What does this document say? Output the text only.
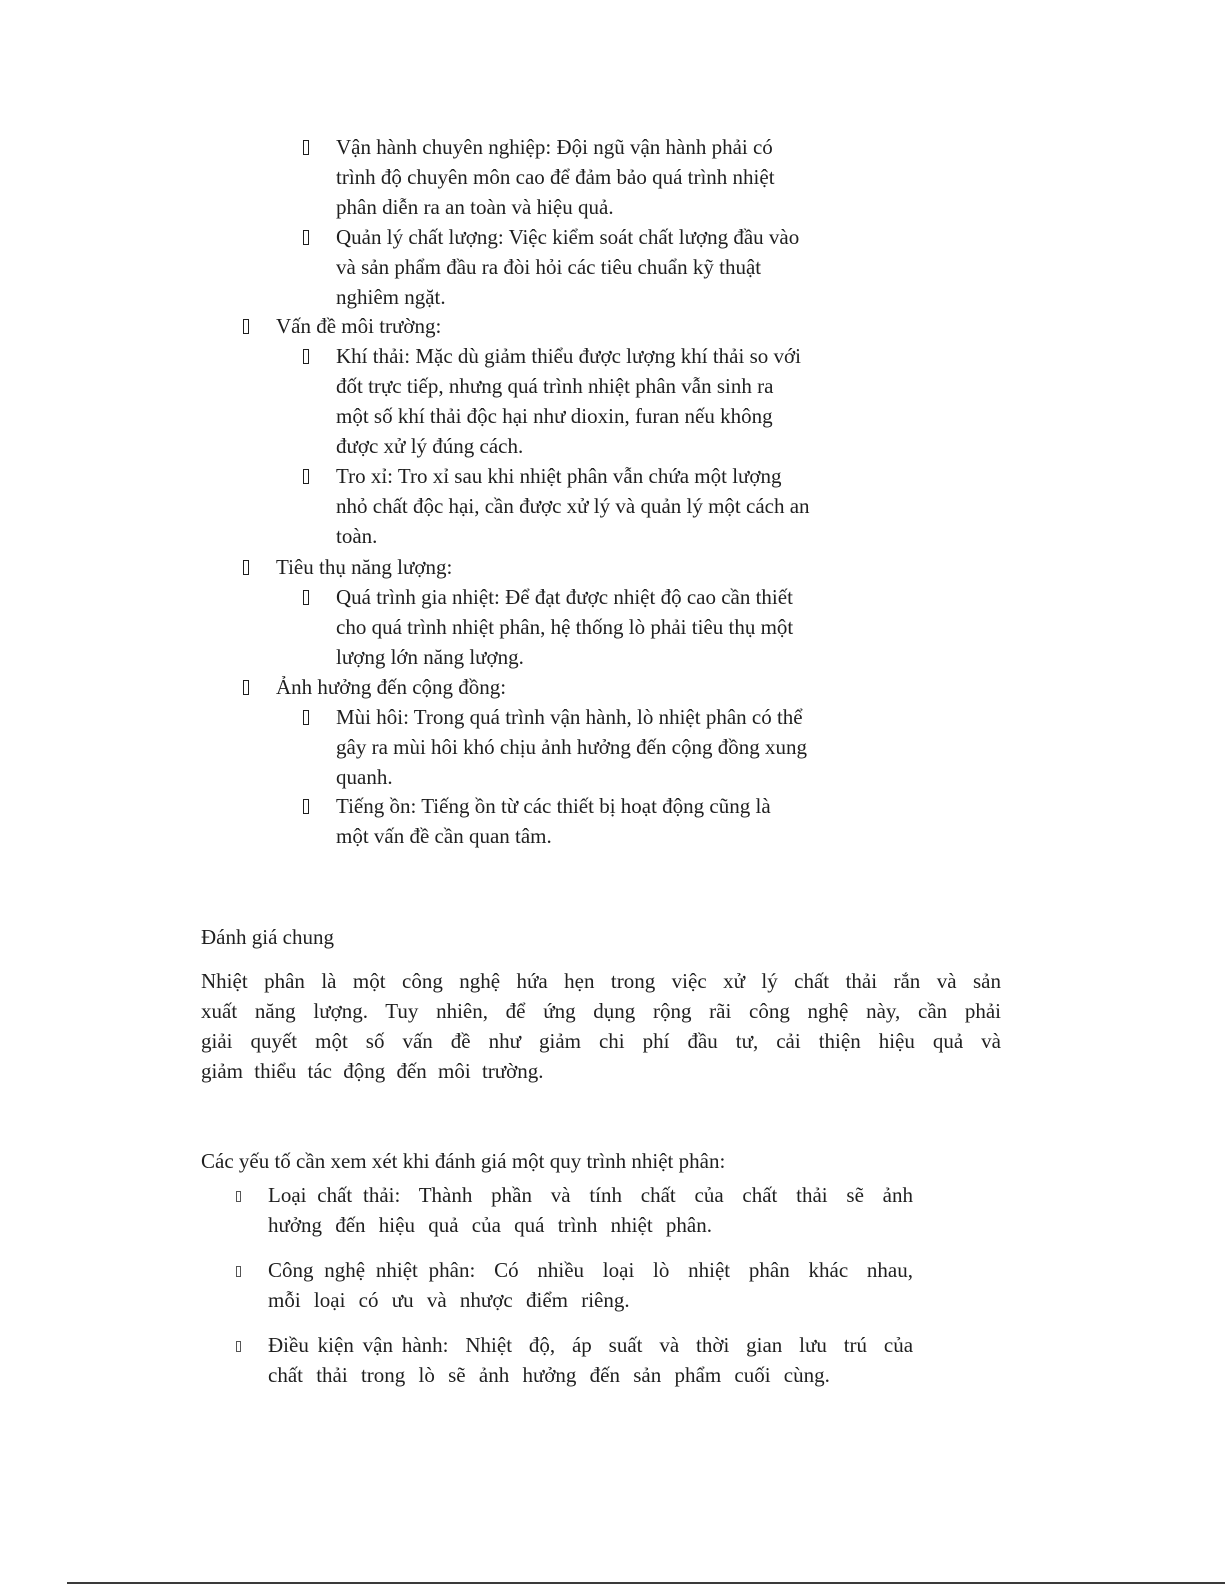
Vận hành chuyên nghiệp: Đội ngũ vận hành phải có
trình độ chuyên môn cao để đảm bảo quá trình nhiệt
phân diễn ra an toàn và hiệu quả.
Quản lý chất lượng: Việc kiểm soát chất lượng đầu vào
và sản phẩm đầu ra đòi hỏi các tiêu chuẩn kỹ thuật
nghiêm ngặt.
Vấn đề môi trường:
Khí thải: Mặc dù giảm thiểu được lượng khí thải so với
đốt trực tiếp, nhưng quá trình nhiệt phân vẫn sinh ra
một số khí thải độc hại như dioxin, furan nếu không
được xử lý đúng cách.
Tro xỉ: Tro xỉ sau khi nhiệt phân vẫn chứa một lượng
nhỏ chất độc hại, cần được xử lý và quản lý một cách an
toàn.
Tiêu thụ năng lượng:
Quá trình gia nhiệt: Để đạt được nhiệt độ cao cần thiết
cho quá trình nhiệt phân, hệ thống lò phải tiêu thụ một
lượng lớn năng lượng.
Ảnh hưởng đến cộng đồng:
Mùi hôi: Trong quá trình vận hành, lò nhiệt phân có thể
gây ra mùi hôi khó chịu ảnh hưởng đến cộng đồng xung
quanh.
Tiếng ồn: Tiếng ồn từ các thiết bị hoạt động cũng là
một vấn đề cần quan tâm.
Đánh giá chung
Nhiệt phân là một công nghệ hứa hẹn trong việc xử lý chất thải rắn và sản
xuất năng lượng. Tuy nhiên, để ứng dụng rộng rãi công nghệ này, cần phải
giải quyết một số vấn đề như giảm chi phí đầu tư, cải thiện hiệu quả và
giảm thiểu tác động đến môi trường.
Các yếu tố cần xem xét khi đánh giá một quy trình nhiệt phân:
Loại chất thải: Thành phần và tính chất của chất thải sẽ ảnh
hưởng đến hiệu quả của quá trình nhiệt phân.
Công nghệ nhiệt phân: Có nhiều loại lò nhiệt phân khác nhau,
mỗi loại có ưu và nhược điểm riêng.
Điều kiện vận hành: Nhiệt độ, áp suất và thời gian lưu trú của
chất thải trong lò sẽ ảnh hưởng đến sản phẩm cuối cùng.
